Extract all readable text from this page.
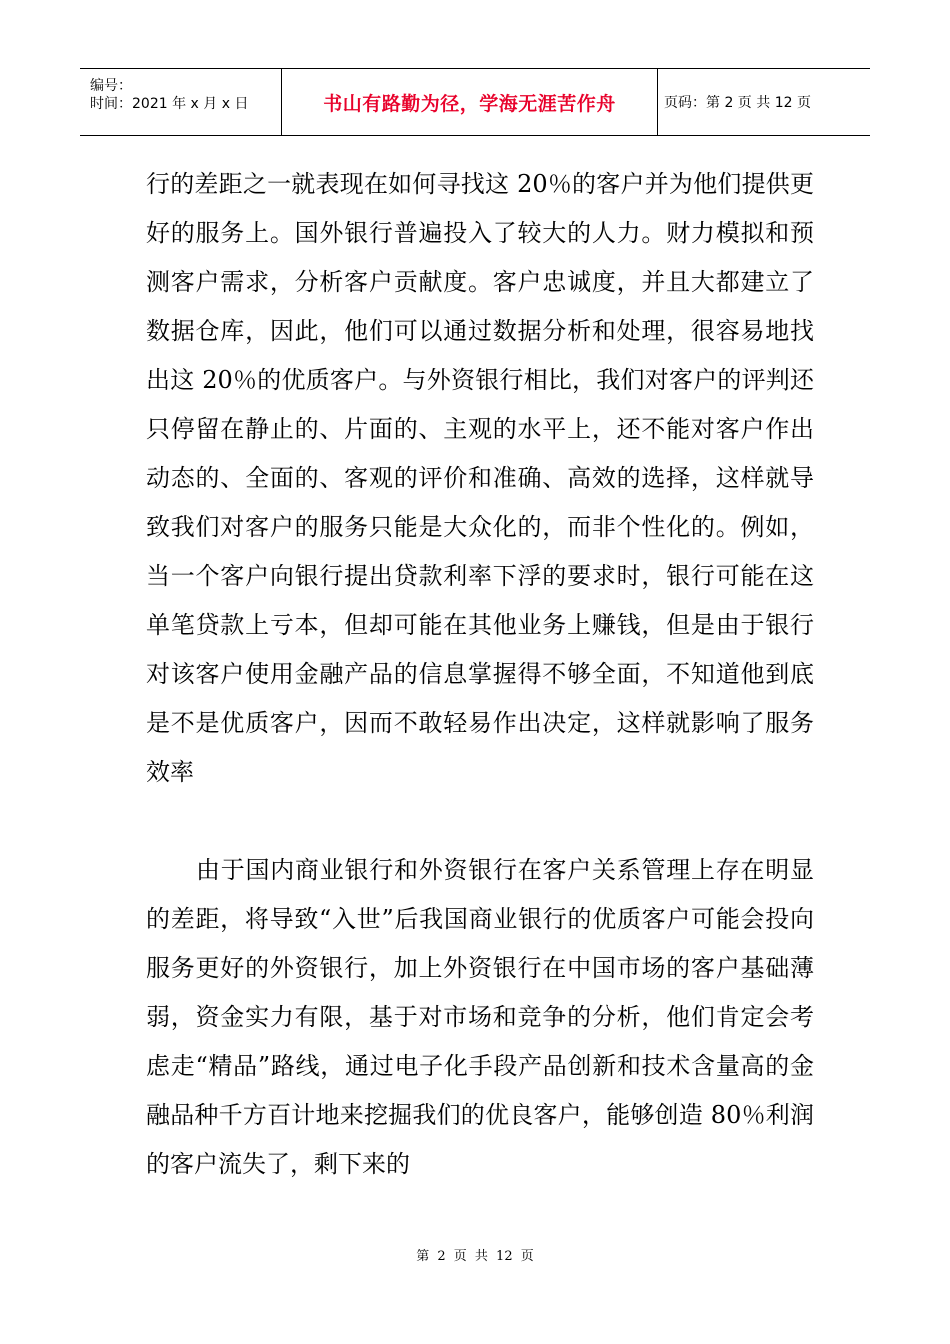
编号：
时间：2021 年 x 月 x 日	书山有路勤为径，学海无涯苦作舟	页码：第 2 页 共 12 页

行的差距之一就表现在如何寻找这 20％的客户并为他们提供更好的服务上。国外银行普遍投入了较大的人力。财力模拟和预测客户需求，分析客户贡献度。客户忠诚度，并且大都建立了数据仓库，因此，他们可以通过数据分析和处理，很容易地找出这 20％的优质客户。与外资银行相比，我们对客户的评判还只停留在静止的、片面的、主观的水平上，还不能对客户作出动态的、全面的、客观的评价和准确、高效的选择，这样就导致我们对客户的服务只能是大众化的，而非个性化的。例如，当一个客户向银行提出贷款利率下浮的要求时，银行可能在这单笔贷款上亏本，但却可能在其他业务上赚钱，但是由于银行对该客户使用金融产品的信息掌握得不够全面，不知道他到底是不是优质客户，因而不敢轻易作出决定，这样就影响了服务效率

由于国内商业银行和外资银行在客户关系管理上存在明显的差距，将导致“入世”后我国商业银行的优质客户可能会投向服务更好的外资银行，加上外资银行在中国市场的客户基础薄弱，资金实力有限，基于对市场和竞争的分析，他们肯定会考虑走“精品”路线，通过电子化手段产品创新和技术含量高的金融品种千方百计地来挖掘我们的优良客户，能够创造 80％利润的客户流失了，剩下来的

第 2 页 共 12 页
